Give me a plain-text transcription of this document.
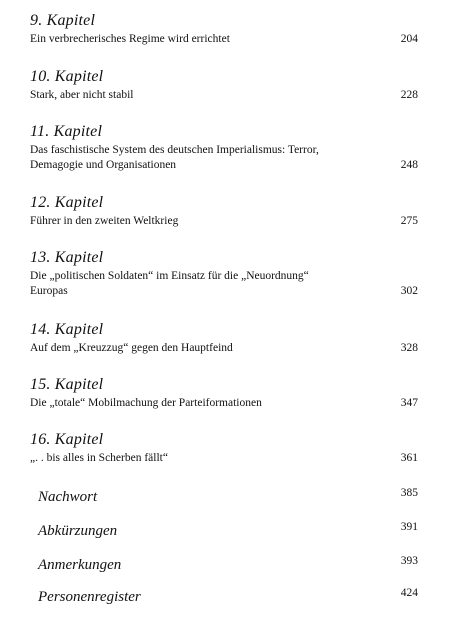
9. Kapitel
Ein verbrecherisches Regime wird errichtet	204
10. Kapitel
Stark, aber nicht stabil	228
11. Kapitel
Das faschistische System des deutschen Imperialismus: Terror,
Demagogie und Organisationen	248
12. Kapitel
Führer in den zweiten Weltkrieg	275
13. Kapitel
Die „politischen Soldaten“ im Einsatz für die „Neuordnung“
Europas	302
14. Kapitel
Auf dem „Kreuzzug“ gegen den Hauptfeind	328
15. Kapitel
Die „totale“ Mobilmachung der Parteiformationen	347
16. Kapitel
„. . bis alles in Scherben fällt“	361
Nachwort	385
Abkürzungen	391
Anmerkungen	393
Personenregister	424
